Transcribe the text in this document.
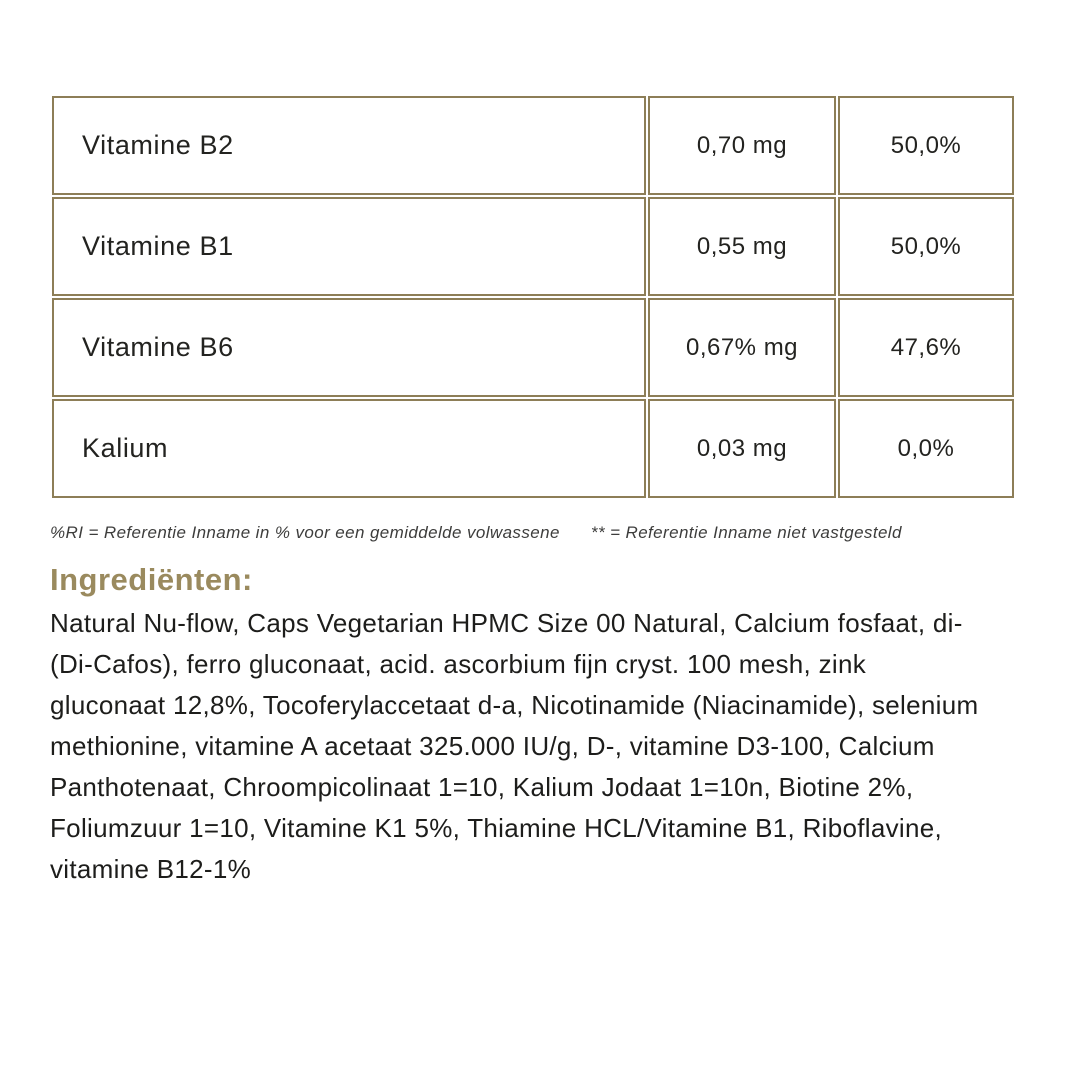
Vitamine B2	0,70 mg	50,0%
Vitamine B1	0,55 mg	50,0%
Vitamine B6	0,67% mg	47,6%
Kalium	0,03 mg	0,0%
%RI = Referentie Inname in % voor een gemiddelde volwassene ** = Referentie Inname niet vastgesteld
Ingrediënten:

Natural Nu-flow, Caps Vegetarian HPMC Size 00 Natural, Calcium fosfaat, di- (Di-Cafos), ferro gluconaat, acid. ascorbium fijn cryst. 100 mesh, zink gluconaat 12,8%, Tocoferylaccetaat d-a, Nicotinamide (Niacinamide), selenium methionine, vitamine A acetaat 325.000 IU/g, D-, vitamine D3-100, Calcium Panthotenaat, Chroompicolinaat 1=10, Kalium Jodaat 1=10n, Biotine 2%, Foliumzuur 1=10, Vitamine K1 5%, Thiamine HCL/Vitamine B1, Riboflavine, vitamine B12-1%
